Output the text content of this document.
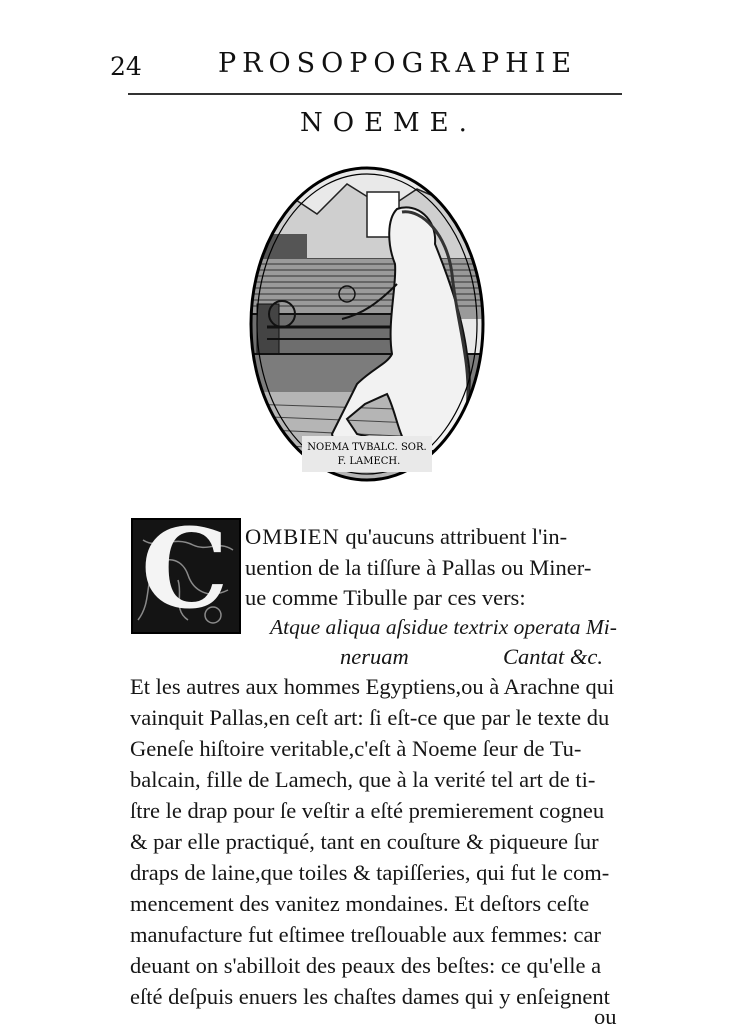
24	PROSOPOGRAPHIE
NOEME.
NOEMA TVBALC. SOR.
F. LAMECH.
C OMBIEN qu'aucuns attribuent l'in-
uention de la tiſſure à Pallas ou Miner-
ue comme Tibulle par ces vers:
Atque aliqua aſsidue textrix operata Mi-
neruam	Cantat &c.
Et les autres aux hommes Egyptiens,ou à Arachne qui
vainquit Pallas,en ceſt art: ſi eſt-ce que par le texte du
Geneſe hiſtoire veritable,c'eſt à Noeme ſeur de Tu-
balcain, fille de Lamech, que à la verité tel art de ti-
ſtre le drap pour ſe veſtir a eſté premierement cogneu
& par elle practiqué, tant en couſture & piqueure ſur
draps de laine,que toiles & tapiſſeries, qui fut le com-
mencement des vanitez mondaines. Et deſtors ceſte
manufacture fut eſtimee treſlouable aux femmes: car
deuant on s'abilloit des peaux des beſtes: ce qu'elle a
eſté deſpuis enuers les chaſtes dames qui y enſeignent
ou
